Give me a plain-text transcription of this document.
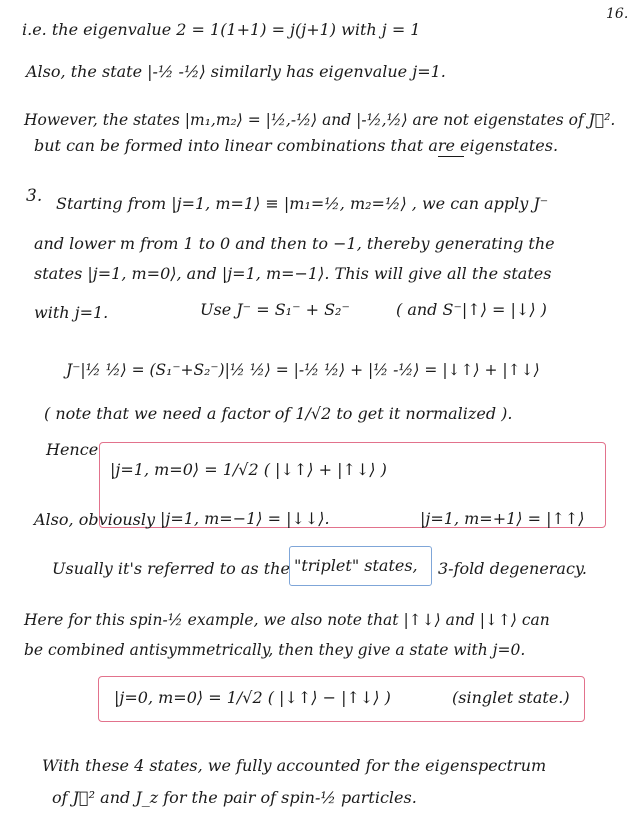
16.
i.e. the eigenvalue 2 = 1(1+1) = j(j+1) with j = 1
Also, the state |-½ -½⟩ similarly has eigenvalue j=1.
However, the states |m₁,m₂⟩ = |½,-½⟩ and |-½,½⟩ are not eigenstates of J⃗².
but can be formed into linear combinations that are eigenstates.
3. Starting from |j=1, m=1⟩ ≡ |m₁=½, m₂=½⟩ , we can apply J⁻
and lower m from 1 to 0 and then to −1, thereby generating the
states |j=1, m=0⟩, and |j=1, m=−1⟩. This will give all the states
with j=1.	Use J⁻ = S₁⁻ + S₂⁻	( and S⁻|↑⟩ = |↓⟩ )
J⁻|½ ½⟩ = (S₁⁻+S₂⁻)|½ ½⟩ = |-½ ½⟩ + |½ -½⟩ = |↓↑⟩ + |↑↓⟩
( note that we need a factor of 1/√2 to get it normalized ).
Hence
|j=1, m=0⟩ = 1/√2 ( |↓↑⟩ + |↑↓⟩ )
Also, obviously |j=1, m=−1⟩ = |↓↓⟩.	|j=1, m=+1⟩ = |↑↑⟩
Usually it's referred to as the "triplet" states, 3-fold degeneracy.
Here for this spin-½ example, we also note that |↑↓⟩ and |↓↑⟩ can
be combined antisymmetrically, then they give a state with j=0.
|j=0, m=0⟩ = 1/√2 ( |↓↑⟩ − |↑↓⟩ )	(singlet state.)
With these 4 states, we fully accounted for the eigenspectrum
of J⃗² and J_z for the pair of spin-½ particles.
